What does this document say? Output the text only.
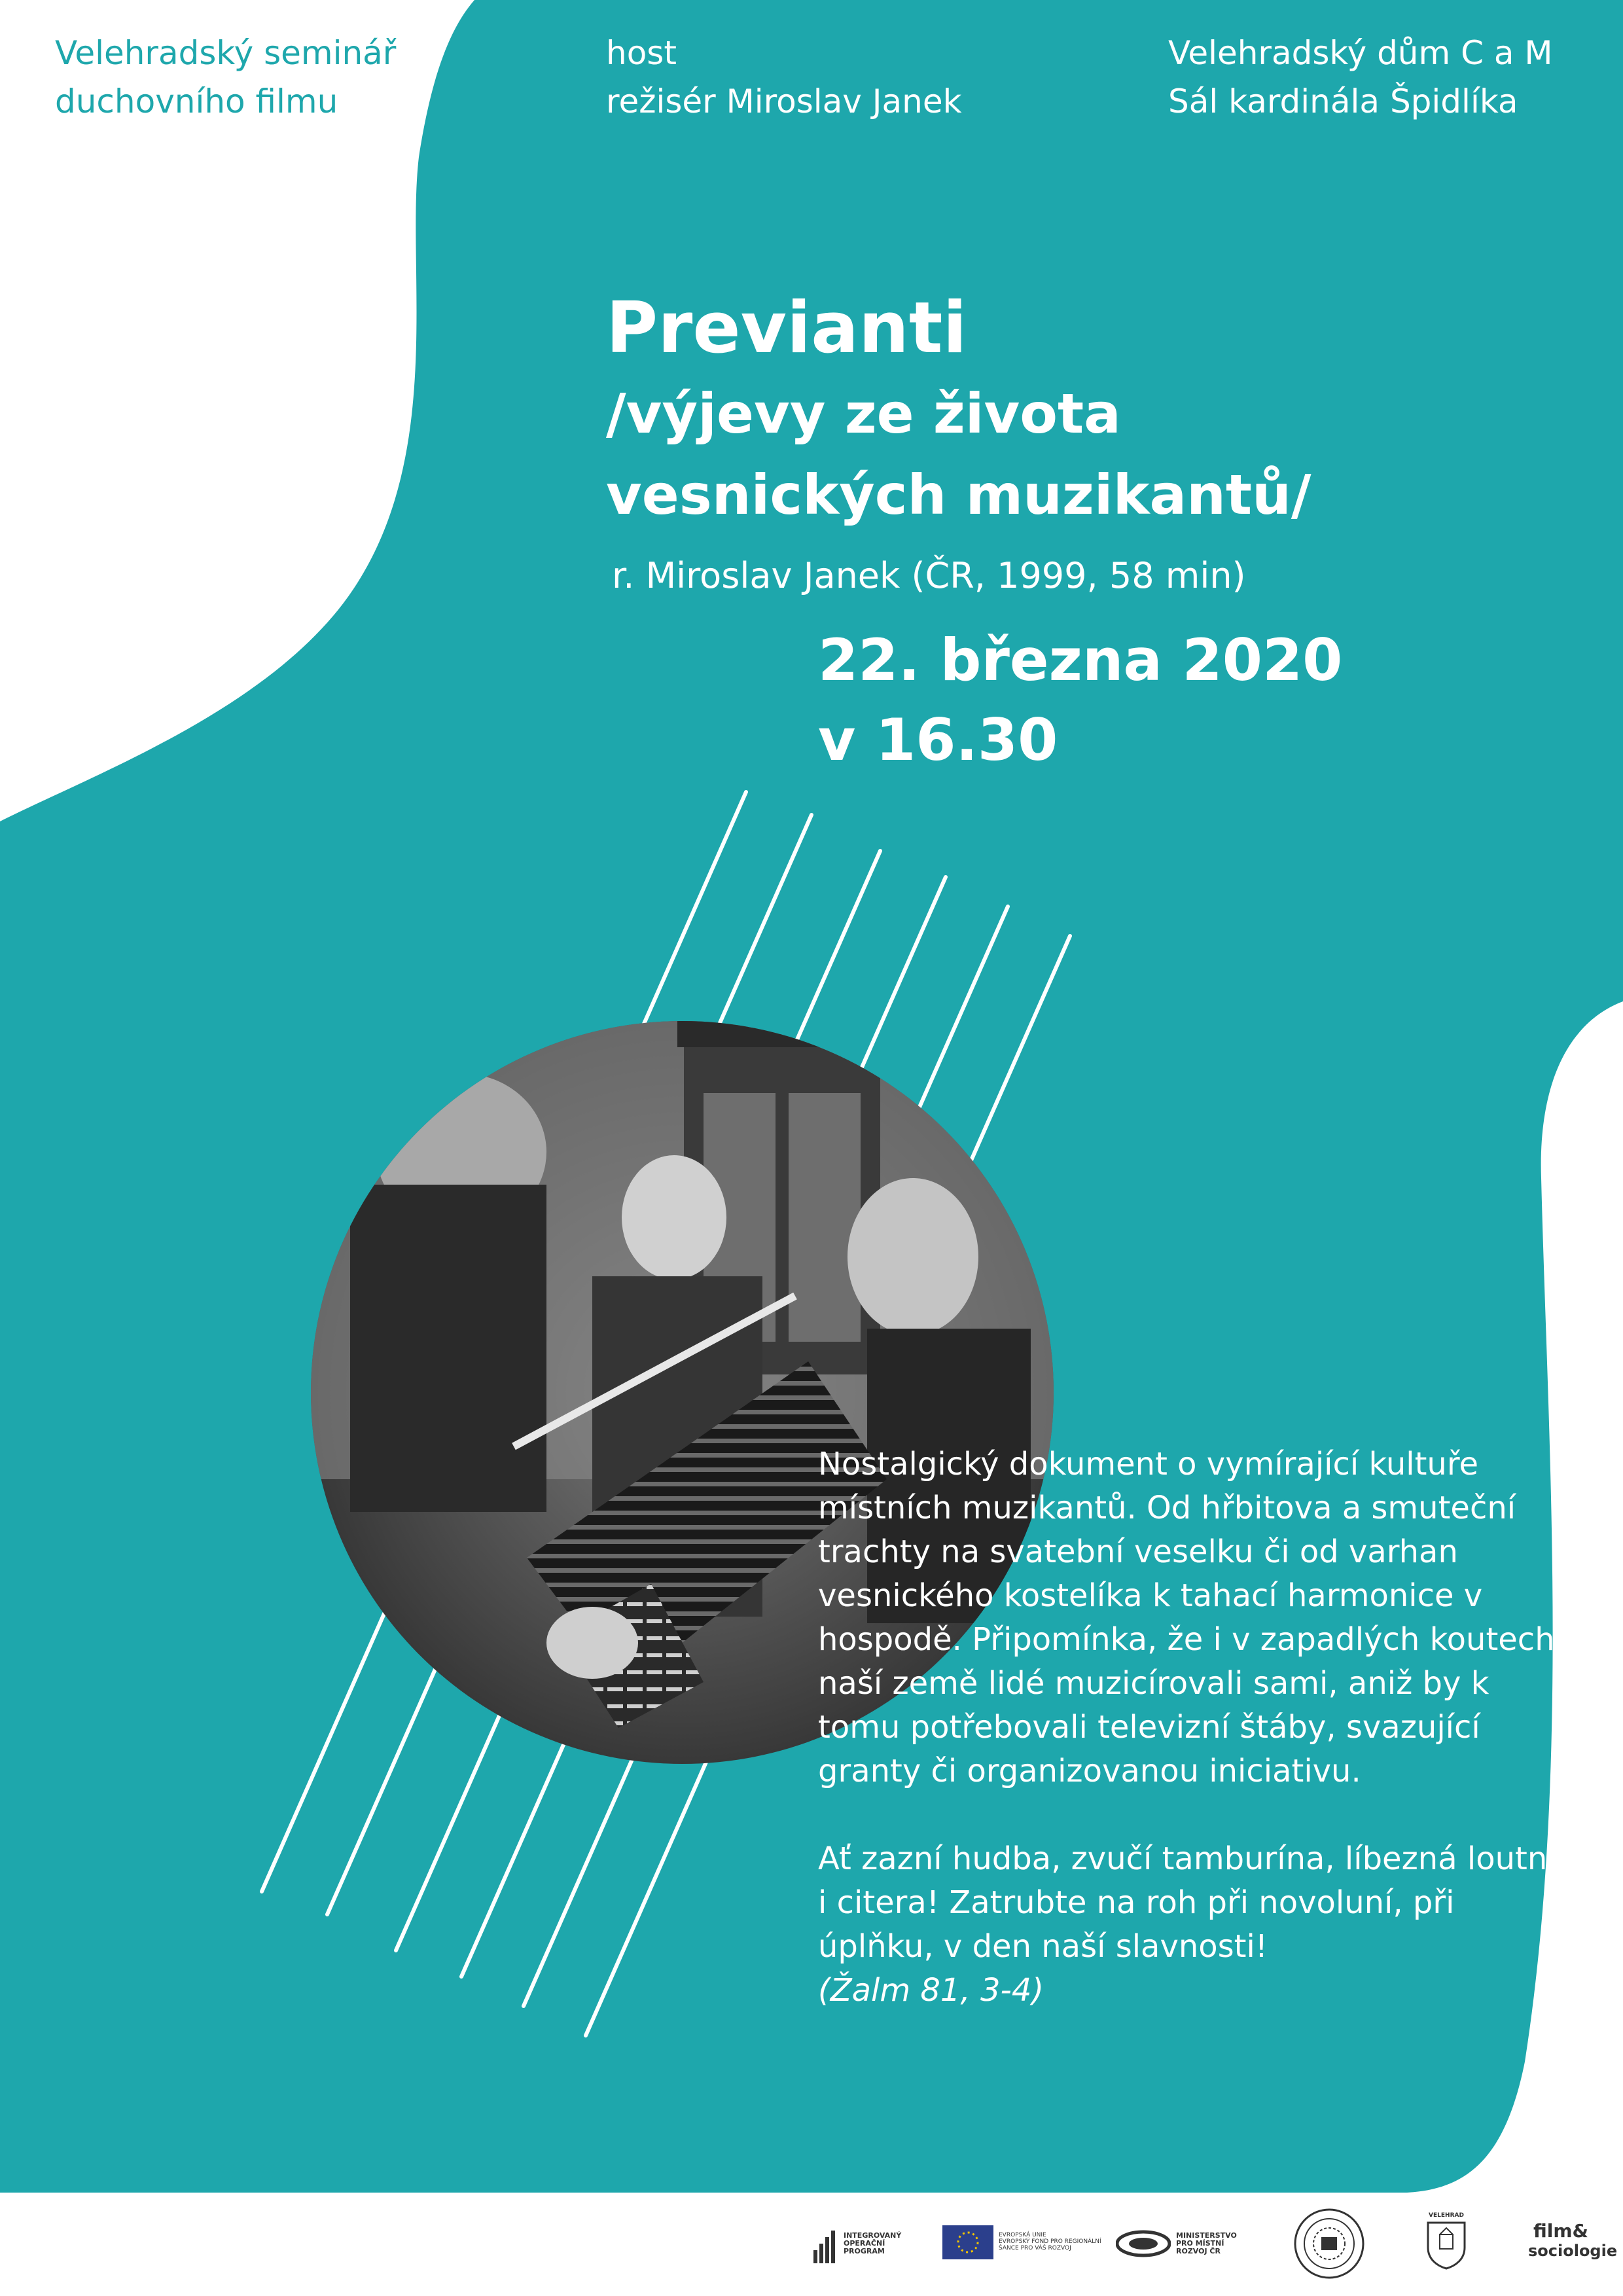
Velehradský seminář
duchovního filmu
host
režisér Miroslav Janek
Velehradský dům C a M
Sál kardinála Špidlíka
Previanti
/výjevy ze života
vesnických muzikantů/
r. Miroslav Janek (ČR, 1999, 58 min)
22. března 2020
v 16.30
Nostalgický dokument o vymírající kultuře místních muzikantů. Od hřbitova a smuteční trachty na svatební veselku či od varhan vesnického kostelíka k tahací harmonice v hospodě. Připomínka, že i v zapadlých koutech naší země lidé muzicírovali sami, aniž by k tomu potřebovali televizní štáby, svazující granty či organizovanou iniciativu.
Ať zazní hudba, zvučí tamburína, líbezná loutna i citera! Zatrubte na roh při novoluní, při úplňku, v den naší slavnosti!
(Žalm 81, 3-4)
INTEGROVANÝ
OPERAČNÍ
PROGRAM
EVROPSKÁ UNIE
EVROPSKÝ FOND PRO REGIONÁLNÍ
ŠANCE PRO VÁŠ ROZVOJ
MINISTERSTVO
PRO MÍSTNÍ
ROZVOJ ČR
VELEHRAD
film&
sociologie
